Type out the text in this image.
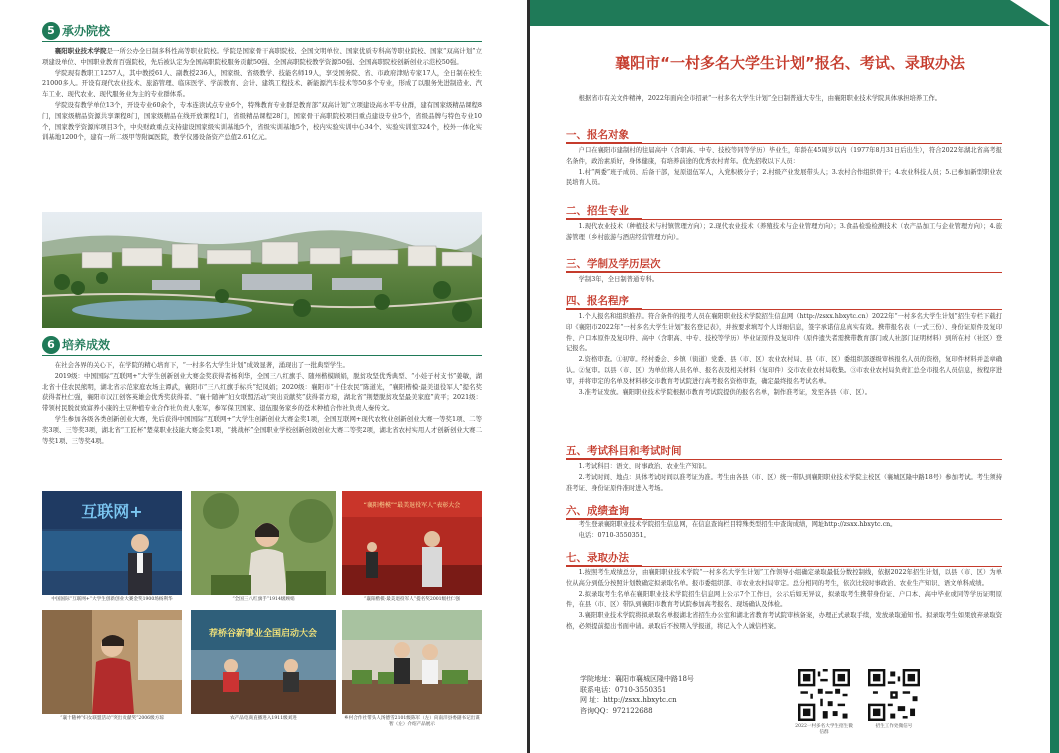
5 承办院校

襄阳职业技术学院是一所公办全日制多科性高等职业院校。学院是国家骨干高职院校、全国文明单位、国家优质专科高等职业院校、国家“双高计划”立项建设单位、中国职业教育百强院校，先后被认定为全国高职院校服务贡献50强、全国高职院校教学资源50强、全国高职院校创新创业示范校50强。

学院现有教职工1257人，其中教授61人、副教授236人，国家级、省级教学、技能名师19人，享受国务院、省、市政府津贴专家17人，全日制在校生21000多人。开设有现代农业技术、旅游管理、临床医学、学前教育、会计、建筑工程技术、新能源汽车技术等50多个专业，形成了以服务先进制造业、汽车工业、现代农业、现代服务业为主的专业群体系。

学院设有教学单位13个，开设专业60余个，专本连读试点专业6个，特殊教育专业群是教育部“双高计划”立项建设高水平专业群，建有国家级精品课程8门，国家级精品资源共享课程8门，国家级精品在线开放课程1门，省级精品课程28门，国家骨干高职院校项目重点建设专业5个，省级品牌与特色专业10个，国家教学资源库项目3个，中央财政重点支持建设国家级实训基地5个，省级实训基地5个，校内实验实训中心34个、实验实训室324个，校外一体化实训基地1200个，建有一所二级甲等附属医院，教学仪器设备资产总值2.61亿元。

6 培养成效

在社会各界的关心下，在学院的精心培育下，“一村多名大学生计划”成效显著，涌现出了一批典型学生。

2019级：中国国际“互联网+”大学生创新创业大赛金奖获得者杨利华，全国三八红旗手、随州楷模顾娟，脱贫攻坚优秀典型、“小娃子村支书”姜敏，湖北省十佳农民熊明，湖北省示范家庭农场主谭武，襄阳市“三八红旗手标兵”纪凤娟；2020级：襄阳市“十佳农民”陈道光，“襄阳楷模·最美退役军人”提名奖获得者杜仁强，襄阳市汉江创客英雄会优秀奖获得者、“襄十随神”妇女联盟活动“突出贡献奖”获得者方琼，湖北省“荆楚脱贫攻坚最美家庭”黄平；2021级：带领村民脱贫致富养小康的土豆种植专业合作社负责人张军，参军保卫国家、退伍服务家乡的苍术种植合作社负责人秦传文。

学生参加各级各类创新创业大赛，先后获得中国国际“互联网+”大学生创新创业大赛金奖1项，全国互联网+现代农牧业创新创业大赛一等奖1项、二等奖3项、三等奖3项，湖北省“工匠杯”楚菜职业技能大赛金奖1项，“挑战杯”全国职业学校创新创效创业大赛二等奖2项，湖北省农村实用人才创新创业大赛二等奖1项、三等奖4项。

互联网+
中国国际“互联网+”大学生创新创业大赛金奖1900场杨利华	“全国三八红旗手”1914级顾娟
“襄阳楷模”“最美退役军人”表彰大会
“襄阳楷模·最美退役军人”提名奖2001级杜仁强
“襄十随神”妇女联盟活动“突出贡献奖”2006级方琼
荐桥谷新事业全国启动大会
农产品电商直播进入1911级刘进	乡村合作社带头人汤德雪2101级陈军（左）向南洋县委副书记出谋智（左）介绍产品展示
襄阳市“一村多名大学生计划”报名、考试、录取办法

根据省市有关文件精神，2022年面向全市招录“一村多名大学生计划”全日制普通大专生，由襄阳职业技术学院具体承担培养工作。

一、报名对象

户口在襄阳市建制村的往届高中（含职高、中专、技校等同等学历）毕业生，年龄在45周岁以内（1977年8月31日后出生），符合2022年湖北省高考报名条件，政治素质好，身体健康，有培养前途的优秀农村青年。优先招收以下人员：

1.村“两委”班子成员、后备干部，复原退伍军人，入党积极分子；2.村级产业发展带头人；3.农村合作组织骨干；4.农业科技人员；5.已参加新型职业农民培育人员。

二、招生专业

1.现代农业技术（种植技术与村镇管理方向）；2.现代农业技术（养殖技术与企业管理方向）；3.食品检验检测技术（农产品加工与企业管理方向）；4.旅游管理（乡村旅游与酒店经营管理方向）。

三、学制及学历层次

学制3年，全日制普通专科。

四、报名程序

1.个人报名和组织推荐。符合条件的报考人员在襄阳职业技术学院招生信息网（http://zsxx.hbxytc.cn）2022年“一村多名大学生计划”招生专栏下载打印《襄阳市2022年“一村多名大学生计划”报名登记表》，并按要求填写个人详细信息，签字承诺信息真实有效。携带报名表（一式三份）、身份证原件及复印件、户口本原件及复印件、高中（含职高、中专、技校等学历）毕业证原件及复印件（原件遗失者需携带教育部门或人社部门证明材料）到所在村（社区）登记报名。

2.资格审查。①初审。经村委会、乡镇（街道）党委、县（市、区）农业农村局、县（市、区）委组织部逐级审核报名人员的资格，复印件材料并盖章确认。②复审。以县（市、区）为单位将人员名单、报名表及相关材料（复印件）交市农业农村局收集。③市农业农村局负责汇总全市报名人员信息，按程序进审，并将审定的名单及材料移交市教育考试院进行高考报名资格审查，确定最终报名考试名单。

3.准考证发放。襄阳职业技术学院根据市教育考试院提供的报名名单，制作准考证，发至各县（市、区）。

五、考试科目和考试时间

1.考试科目：语文、时事政治、农业生产知识。

2.考试时间、地点：具体考试时间以准考证为准。考生由各县（市、区）统一带队到襄阳职业技术学院主校区（襄城区隆中路18号）参加考试。考生须持准考证、身份证原件准时进入考场。

六、成绩查询

考生登录襄阳职业技术学院招生信息网，在信息查询栏目特殊类型招生中查询成绩，网址http://zsxx.hbxytc.cn。

电话：0710-3550351。

七、录取办法

1.按照考生成绩总分，由襄阳职业技术学院“一村多名大学生计划”工作领导小组确定录取最低分数控制线，依据2022年招生计划，以县（市、区）为单位从高分到低分按照计划数确定拟录取名单。报市委组织部、市农业农村局审定。总分相同的考生，依次比较时事政治、农业生产知识、语文单科成绩。

2.拟录取考生名单在襄阳职业技术学院招生信息网上公示7个工作日，公示后如无异议，拟录取考生携带身份证、户口本、高中毕业或同等学历证明原件，在县（市、区）带队到襄阳市教育考试院参加高考报名、现场确认及体检。

3.襄阳职业技术学院将拟录取名单报湖北省招生办公室和湖北省教育考试院审核备案，办理正式录取手续，发放录取通知书。拟录取考生如果放弃录取资格，必须提前提出书面申请。录取后不按期入学报道，将记入个人诚信档案。

学院地址：襄阳市襄城区隆中路18号
联系电话：0710-3550351
网 址：http://zsxx.hbxytc.cn
咨询QQ：972122688
2022一村多名大学生招生微信群
招生工作处微信号
